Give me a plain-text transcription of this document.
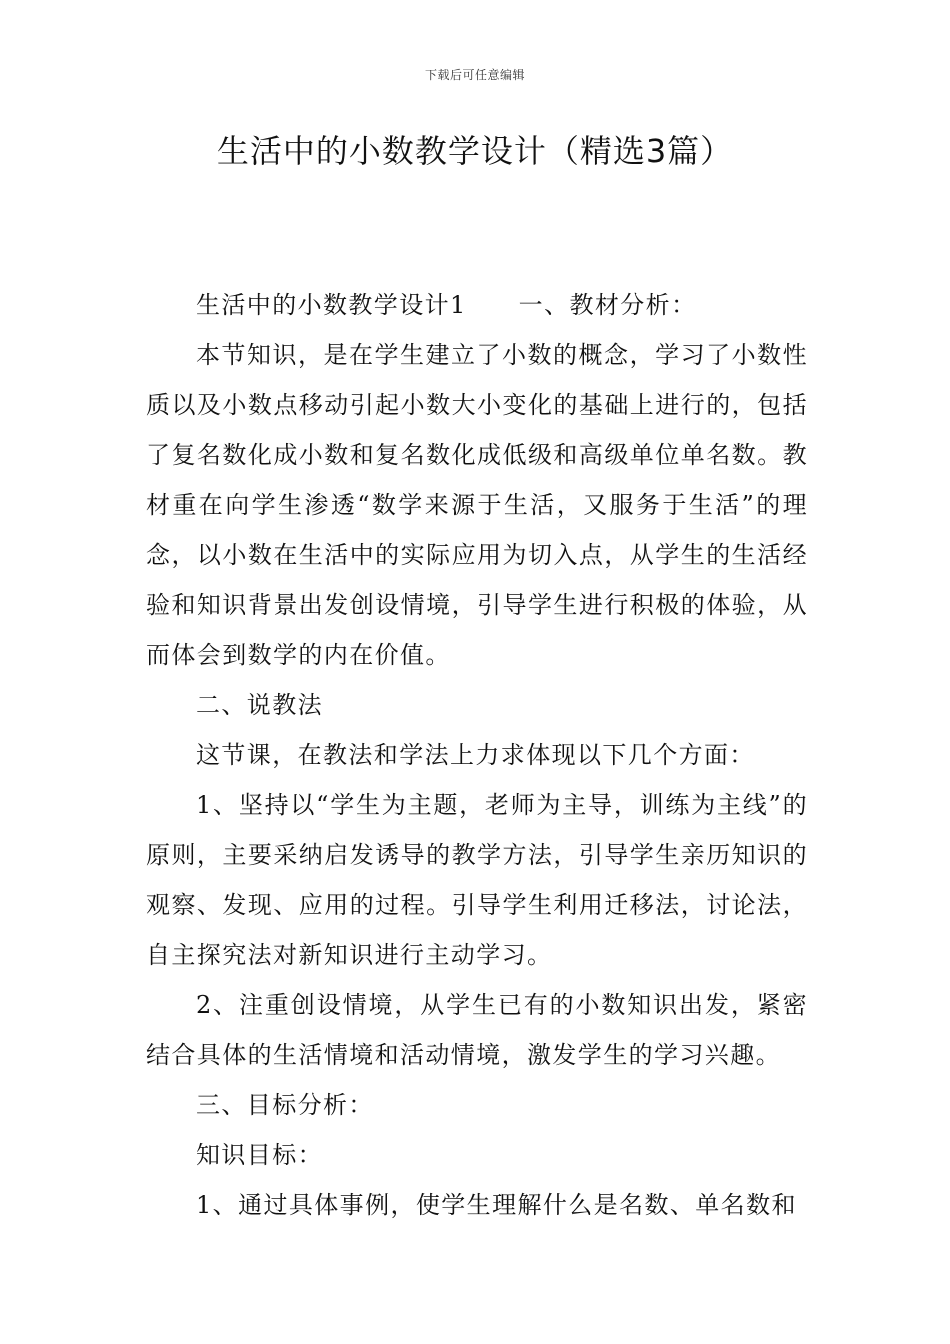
下载后可任意编辑
生活中的小数教学设计（精选3篇）

生活中的小数教学设计1 一、教材分析：

本节知识，是在学生建立了小数的概念，学习了小数性质以及小数点移动引起小数大小变化的基础上进行的，包括了复名数化成小数和复名数化成低级和高级单位单名数。教材重在向学生渗透“数学来源于生活，又服务于生活”的理念，以小数在生活中的实际应用为切入点，从学生的生活经验和知识背景出发创设情境，引导学生进行积极的体验，从而体会到数学的内在价值。

二、说教法

这节课，在教法和学法上力求体现以下几个方面：

1、坚持以“学生为主题，老师为主导，训练为主线”的原则，主要采纳启发诱导的教学方法，引导学生亲历知识的观察、发现、应用的过程。引导学生利用迁移法，讨论法，自主探究法对新知识进行主动学习。

2、注重创设情境，从学生已有的小数知识出发，紧密结合具体的生活情境和活动情境，激发学生的学习兴趣。

三、目标分析：

知识目标：

1、通过具体事例，使学生理解什么是名数、单名数和
